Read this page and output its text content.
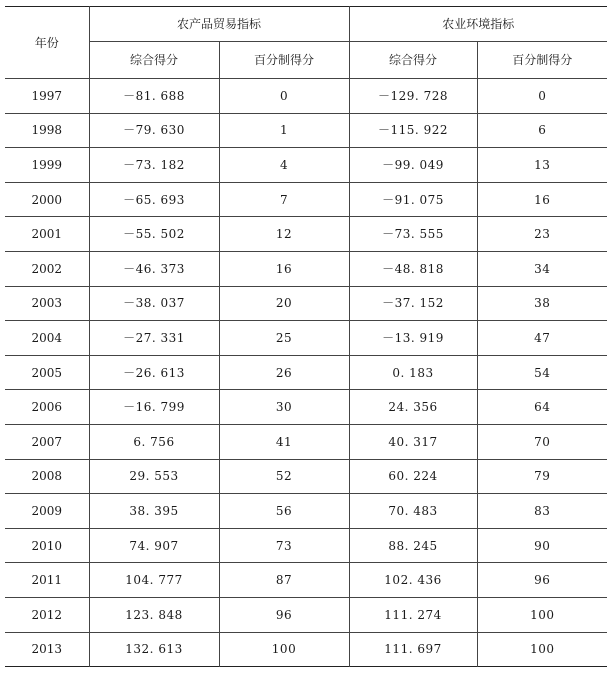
年份	农产品贸易指标		农业环境指标	
	综合得分	百分制得分	综合得分	百分制得分
1997	－81. 688	0	－129. 728	0
1998	－79. 630	1	－115. 922	6
1999	－73. 182	4	－99. 049	13
2000	－65. 693	7	－91. 075	16
2001	－55. 502	12	－73. 555	23
2002	－46. 373	16	－48. 818	34
2003	－38. 037	20	－37. 152	38
2004	－27. 331	25	－13. 919	47
2005	－26. 613	26	0. 183	54
2006	－16. 799	30	24. 356	64
2007	6. 756	41	40. 317	70
2008	29. 553	52	60. 224	79
2009	38. 395	56	70. 483	83
2010	74. 907	73	88. 245	90
2011	104. 777	87	102. 436	96
2012	123. 848	96	111. 274	100
2013	132. 613	100	111. 697	100
